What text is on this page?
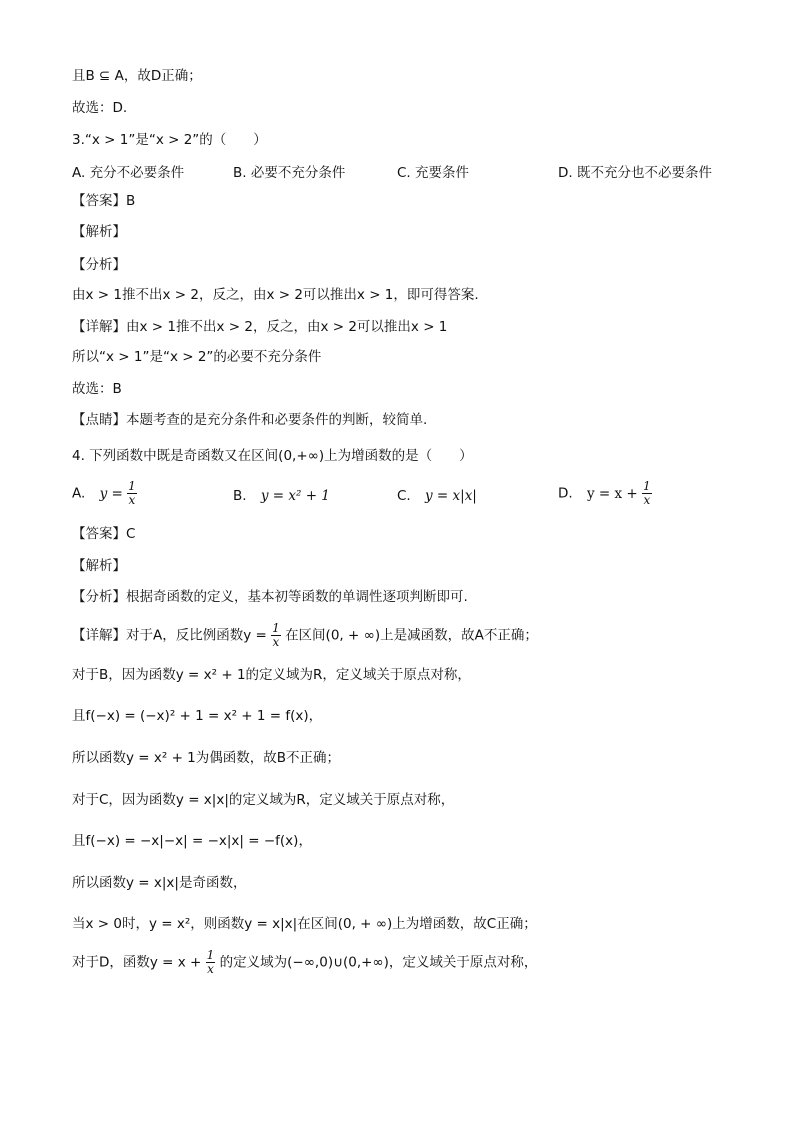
且B ⊆ A，故D正确；
故选：D.
3.“x > 1”是“x > 2”的（　　）
A. 充分不必要条件	B. 必要不充分条件	C. 充要条件	D. 既不充分也不必要条件
【答案】B
【解析】
【分析】
由x > 1推不出x > 2，反之，由x > 2可以推出x > 1，即可得答案.
【详解】由x > 1推不出x > 2，反之，由x > 2可以推出x > 1
所以“x > 1”是“x > 2”的必要不充分条件
故选：B
【点睛】本题考查的是充分条件和必要条件的判断，较简单.
4. 下列函数中既是奇函数又在区间(0,+∞)上为增函数的是（　　）
A. $y = \frac{1}{x}$	B. y = x² + 1	C. y = x|x|	D. $y = x + \frac{1}{x}$
【答案】C
【解析】
【分析】根据奇函数的定义，基本初等函数的单调性逐项判断即可.
【详解】对于A，反比例函数$y = \frac{1}{x}$ 在区间(0, + ∞)上是减函数，故A不正确；
对于B，因为函数y = x² + 1的定义域为R，定义域关于原点对称，
且f(−x) = (−x)² + 1 = x² + 1 = f(x)，
所以函数y = x² + 1为偶函数，故B不正确；
对于C，因为函数y = x|x|的定义域为R，定义域关于原点对称，
且f(−x) = −x|−x| = −x|x| = −f(x)，
所以函数y = x|x|是奇函数，
当x > 0时，y = x²，则函数y = x|x|在区间(0, + ∞)上为增函数，故C正确；
对于D，函数$y = x + \frac{1}{x}$ 的定义域为(−∞,0)∪(0,+∞)，定义域关于原点对称，
